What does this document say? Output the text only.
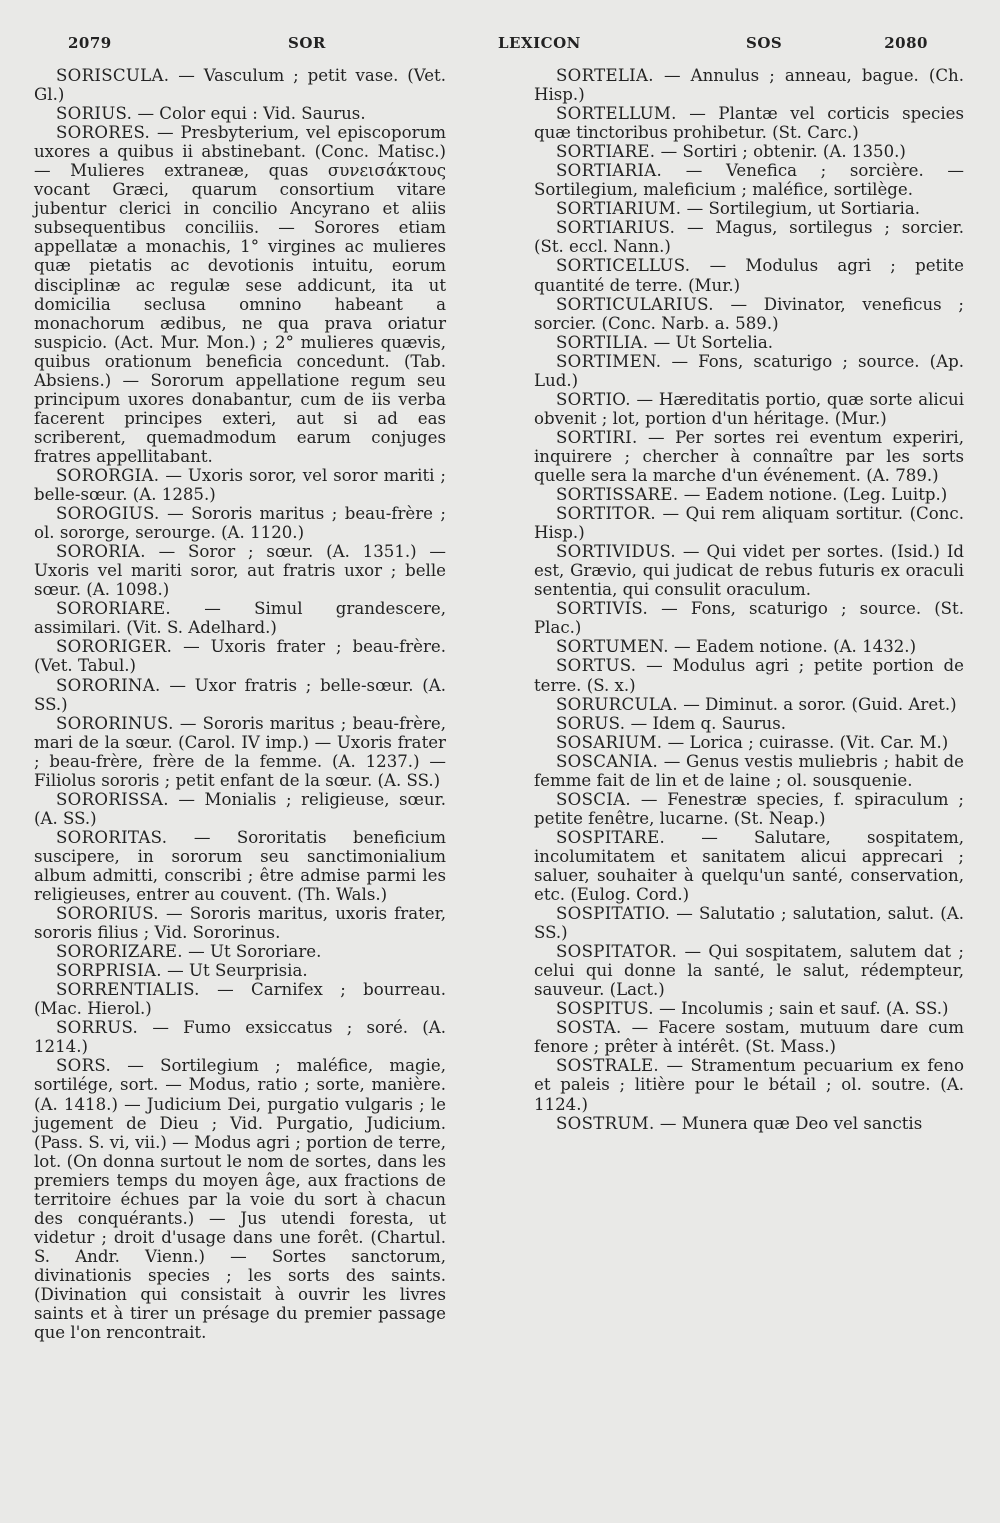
2079	SOR	LEXICON	SOS	2080

SORISCULA. — Vasculum ; petit vase. (Vet. Gl.)

SORIUS. — Color equi : Vid. Saurus.

SORORES. — Presbyterium, vel episcoporum uxores a quibus ii abstinebant. (Conc. Matisc.) — Mulieres extraneæ, quas συνεισάκτους vocant Græci, quarum consortium vitare jubentur clerici in concilio Ancyrano et aliis subsequentibus conciliis. — Sorores etiam appellatæ a monachis, 1° virgines ac mulieres quæ pietatis ac devotionis intuitu, eorum disciplinæ ac regulæ sese addicunt, ita ut domicilia seclusa omnino habeant a monachorum ædibus, ne qua prava oriatur suspicio. (Act. Mur. Mon.) ; 2° mulieres quævis, quibus orationum beneficia concedunt. (Tab. Absiens.) — Sororum appellatione regum seu principum uxores donabantur, cum de iis verba facerent principes exteri, aut si ad eas scriberent, quemadmodum earum conjuges fratres appellitabant.

SORORGIA. — Uxoris soror, vel soror mariti ; belle-sœur. (A. 1285.)

SOROGIUS. — Sororis maritus ; beau-frère ; ol. sororge, serourge. (A. 1120.)

SORORIA. — Soror ; sœur. (A. 1351.) — Uxoris vel mariti soror, aut fratris uxor ; belle sœur. (A. 1098.)

SORORIARE. — Simul grandescere, assimilari. (Vit. S. Adelhard.)

SORORIGER. — Uxoris frater ; beau-frère. (Vet. Tabul.)

SORORINA. — Uxor fratris ; belle-sœur. (A. SS.)

SORORINUS. — Sororis maritus ; beau-frère, mari de la sœur. (Carol. IV imp.) — Uxoris frater ; beau-frère, frère de la femme. (A. 1237.) — Filiolus sororis ; petit enfant de la sœur. (A. SS.)

SORORISSA. — Monialis ; religieuse, sœur. (A. SS.)

SORORITAS. — Sororitatis beneficium suscipere, in sororum seu sanctimonialium album admitti, conscribi ; être admise parmi les religieuses, entrer au couvent. (Th. Wals.)

SORORIUS. — Sororis maritus, uxoris frater, sororis filius ; Vid. Sororinus.

SORORIZARE. — Ut Sororiare.

SORPRISIA. — Ut Seurprisia.

SORRENTIALIS. — Carnifex ; bourreau. (Mac. Hierol.)

SORRUS. — Fumo exsiccatus ; soré. (A. 1214.)

SORS. — Sortilegium ; maléfice, magie, sortilége, sort. — Modus, ratio ; sorte, manière. (A. 1418.) — Judicium Dei, purgatio vulgaris ; le jugement de Dieu ; Vid. Purgatio, Judicium. (Pass. S. vi, vii.) — Modus agri ; portion de terre, lot. (On donna surtout le nom de sortes, dans les premiers temps du moyen âge, aux fractions de territoire échues par la voie du sort à chacun des conquérants.) — Jus utendi foresta, ut videtur ; droit d'usage dans une forêt. (Chartul. S. Andr. Vienn.) — Sortes sanctorum, divinationis species ; les sorts des saints. (Divination qui consistait à ouvrir les livres saints et à tirer un présage du premier passage que l'on rencontrait.

SORTELIA. — Annulus ; anneau, bague. (Ch. Hisp.)

SORTELLUM. — Plantæ vel corticis species quæ tinctoribus prohibetur. (St. Carc.)

SORTIARE. — Sortiri ; obtenir. (A. 1350.)

SORTIARIA. — Venefica ; sorcière. — Sortilegium, maleficium ; maléfice, sortilège.

SORTIARIUM. — Sortilegium, ut Sortiaria.

SORTIARIUS. — Magus, sortilegus ; sorcier. (St. eccl. Nann.)

SORTICELLUS. — Modulus agri ; petite quantité de terre. (Mur.)

SORTICULARIUS. — Divinator, veneficus ; sorcier. (Conc. Narb. a. 589.)

SORTILIA. — Ut Sortelia.

SORTIMEN. — Fons, scaturigo ; source. (Ap. Lud.)

SORTIO. — Hæreditatis portio, quæ sorte alicui obvenit ; lot, portion d'un héritage. (Mur.)

SORTIRI. — Per sortes rei eventum experiri, inquirere ; chercher à connaître par les sorts quelle sera la marche d'un événement. (A. 789.)

SORTISSARE. — Eadem notione. (Leg. Luitp.)

SORTITOR. — Qui rem aliquam sortitur. (Conc. Hisp.)

SORTIVIDUS. — Qui videt per sortes. (Isid.) Id est, Grævio, qui judicat de rebus futuris ex oraculi sententia, qui consulit oraculum.

SORTIVIS. — Fons, scaturigo ; source. (St. Plac.)

SORTUMEN. — Eadem notione. (A. 1432.)

SORTUS. — Modulus agri ; petite portion de terre. (S. x.)

SORURCULA. — Diminut. a soror. (Guid. Aret.)

SORUS. — Idem q. Saurus.

SOSARIUM. — Lorica ; cuirasse. (Vit. Car. M.)

SOSCANIA. — Genus vestis muliebris ; habit de femme fait de lin et de laine ; ol. sousquenie.

SOSCIA. — Fenestræ species, f. spiraculum ; petite fenêtre, lucarne. (St. Neap.)

SOSPITARE. — Salutare, sospitatem, incolumitatem et sanitatem alicui apprecari ; saluer, souhaiter à quelqu'un santé, conservation, etc. (Eulog. Cord.)

SOSPITATIO. — Salutatio ; salutation, salut. (A. SS.)

SOSPITATOR. — Qui sospitatem, salutem dat ; celui qui donne la santé, le salut, rédempteur, sauveur. (Lact.)

SOSPITUS. — Incolumis ; sain et sauf. (A. SS.)

SOSTA. — Facere sostam, mutuum dare cum fenore ; prêter à intérêt. (St. Mass.)

SOSTRALE. — Stramentum pecuarium ex feno et paleis ; litière pour le bétail ; ol. soutre. (A. 1124.)

SOSTRUM. — Munera quæ Deo vel sanctis
